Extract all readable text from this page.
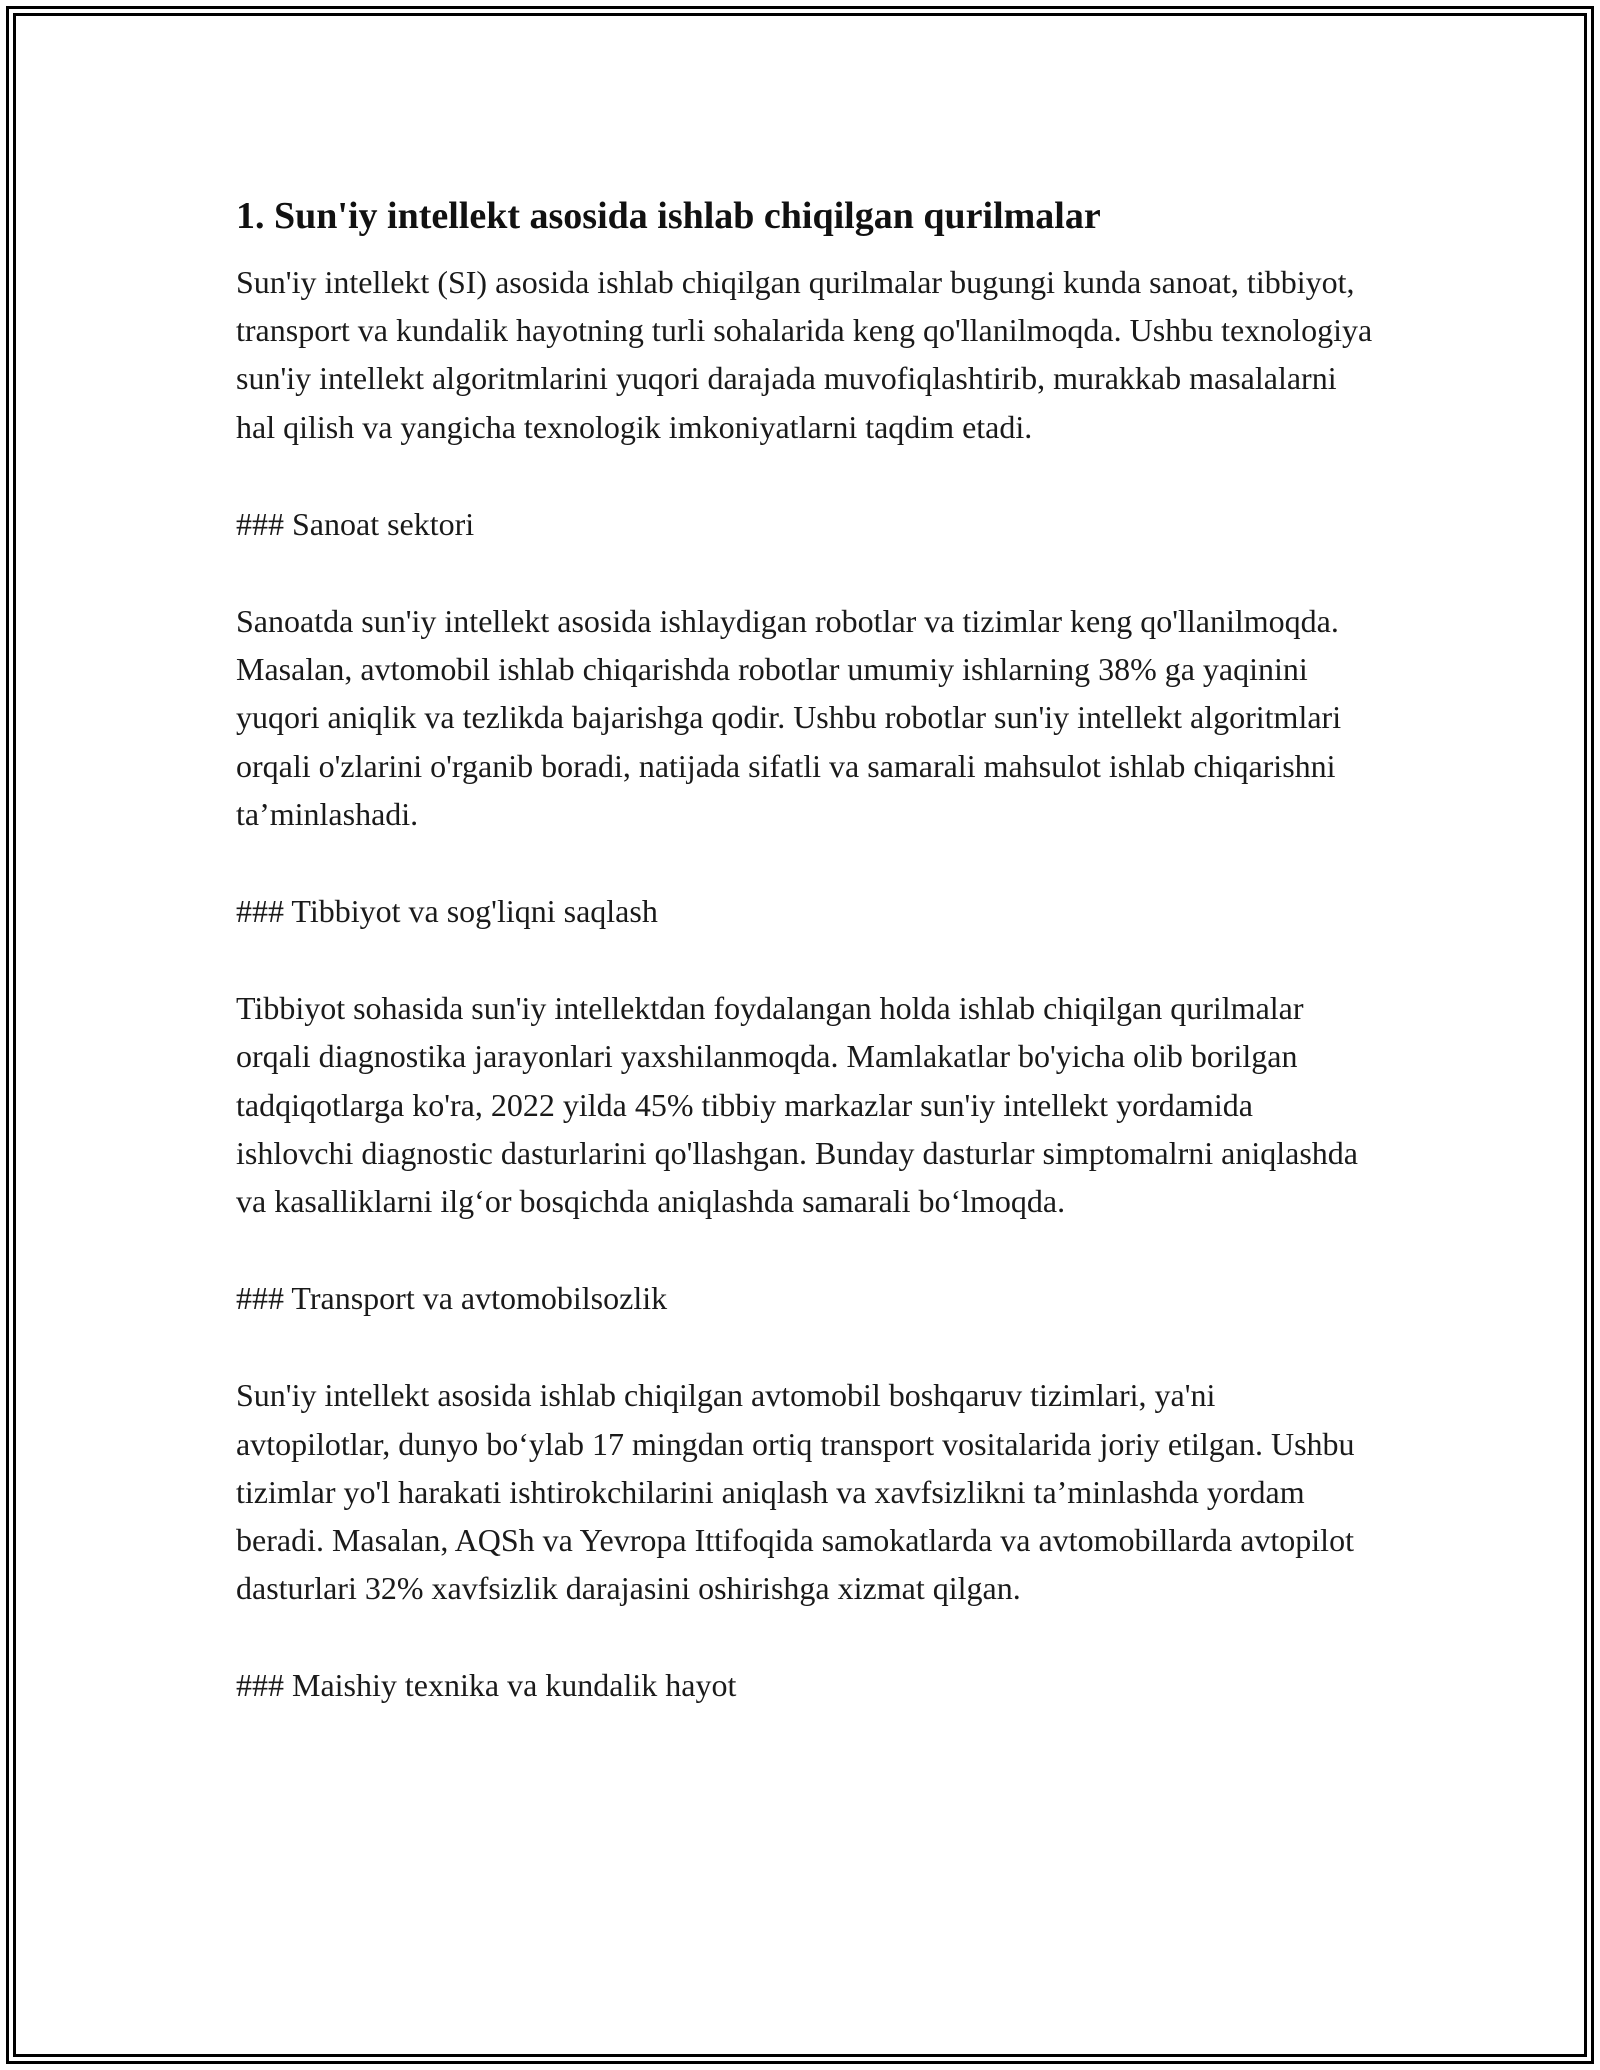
1. Sun'iy intellekt asosida ishlab chiqilgan qurilmalar

Sun'iy intellekt (SI) asosida ishlab chiqilgan qurilmalar bugungi kunda sanoat, tibbiyot, transport va kundalik hayotning turli sohalarida keng qo'llanilmoqda. Ushbu texnologiya sun'iy intellekt algoritmlarini yuqori darajada muvofiqlashtirib, murakkab masalalarni hal qilish va yangicha texnologik imkoniyatlarni taqdim etadi.

### Sanoat sektori

Sanoatda sun'iy intellekt asosida ishlaydigan robotlar va tizimlar keng qo'llanilmoqda. Masalan, avtomobil ishlab chiqarishda robotlar umumiy ishlarning 38% ga yaqinini yuqori aniqlik va tezlikda bajarishga qodir. Ushbu robotlar sun'iy intellekt algoritmlari orqali o'zlarini o'rganib boradi, natijada sifatli va samarali mahsulot ishlab chiqarishni ta’minlashadi.

### Tibbiyot va sog'liqni saqlash

Tibbiyot sohasida sun'iy intellektdan foydalangan holda ishlab chiqilgan qurilmalar orqali diagnostika jarayonlari yaxshilanmoqda. Mamlakatlar bo'yicha olib borilgan tadqiqotlarga ko'ra, 2022 yilda 45% tibbiy markazlar sun'iy intellekt yordamida ishlovchi diagnostic dasturlarini qo'llashgan. Bunday dasturlar simptomalrni aniqlashda va kasalliklarni ilg‘or bosqichda aniqlashda samarali bo‘lmoqda.

### Transport va avtomobilsozlik

Sun'iy intellekt asosida ishlab chiqilgan avtomobil boshqaruv tizimlari, ya'ni avtopilotlar, dunyo bo‘ylab 17 mingdan ortiq transport vositalarida joriy etilgan. Ushbu tizimlar yo'l harakati ishtirokchilarini aniqlash va xavfsizlikni ta’minlashda yordam beradi. Masalan, AQSh va Yevropa Ittifoqida samokatlarda va avtomobillarda avtopilot dasturlari 32% xavfsizlik darajasini oshirishga xizmat qilgan.

### Maishiy texnika va kundalik hayot
